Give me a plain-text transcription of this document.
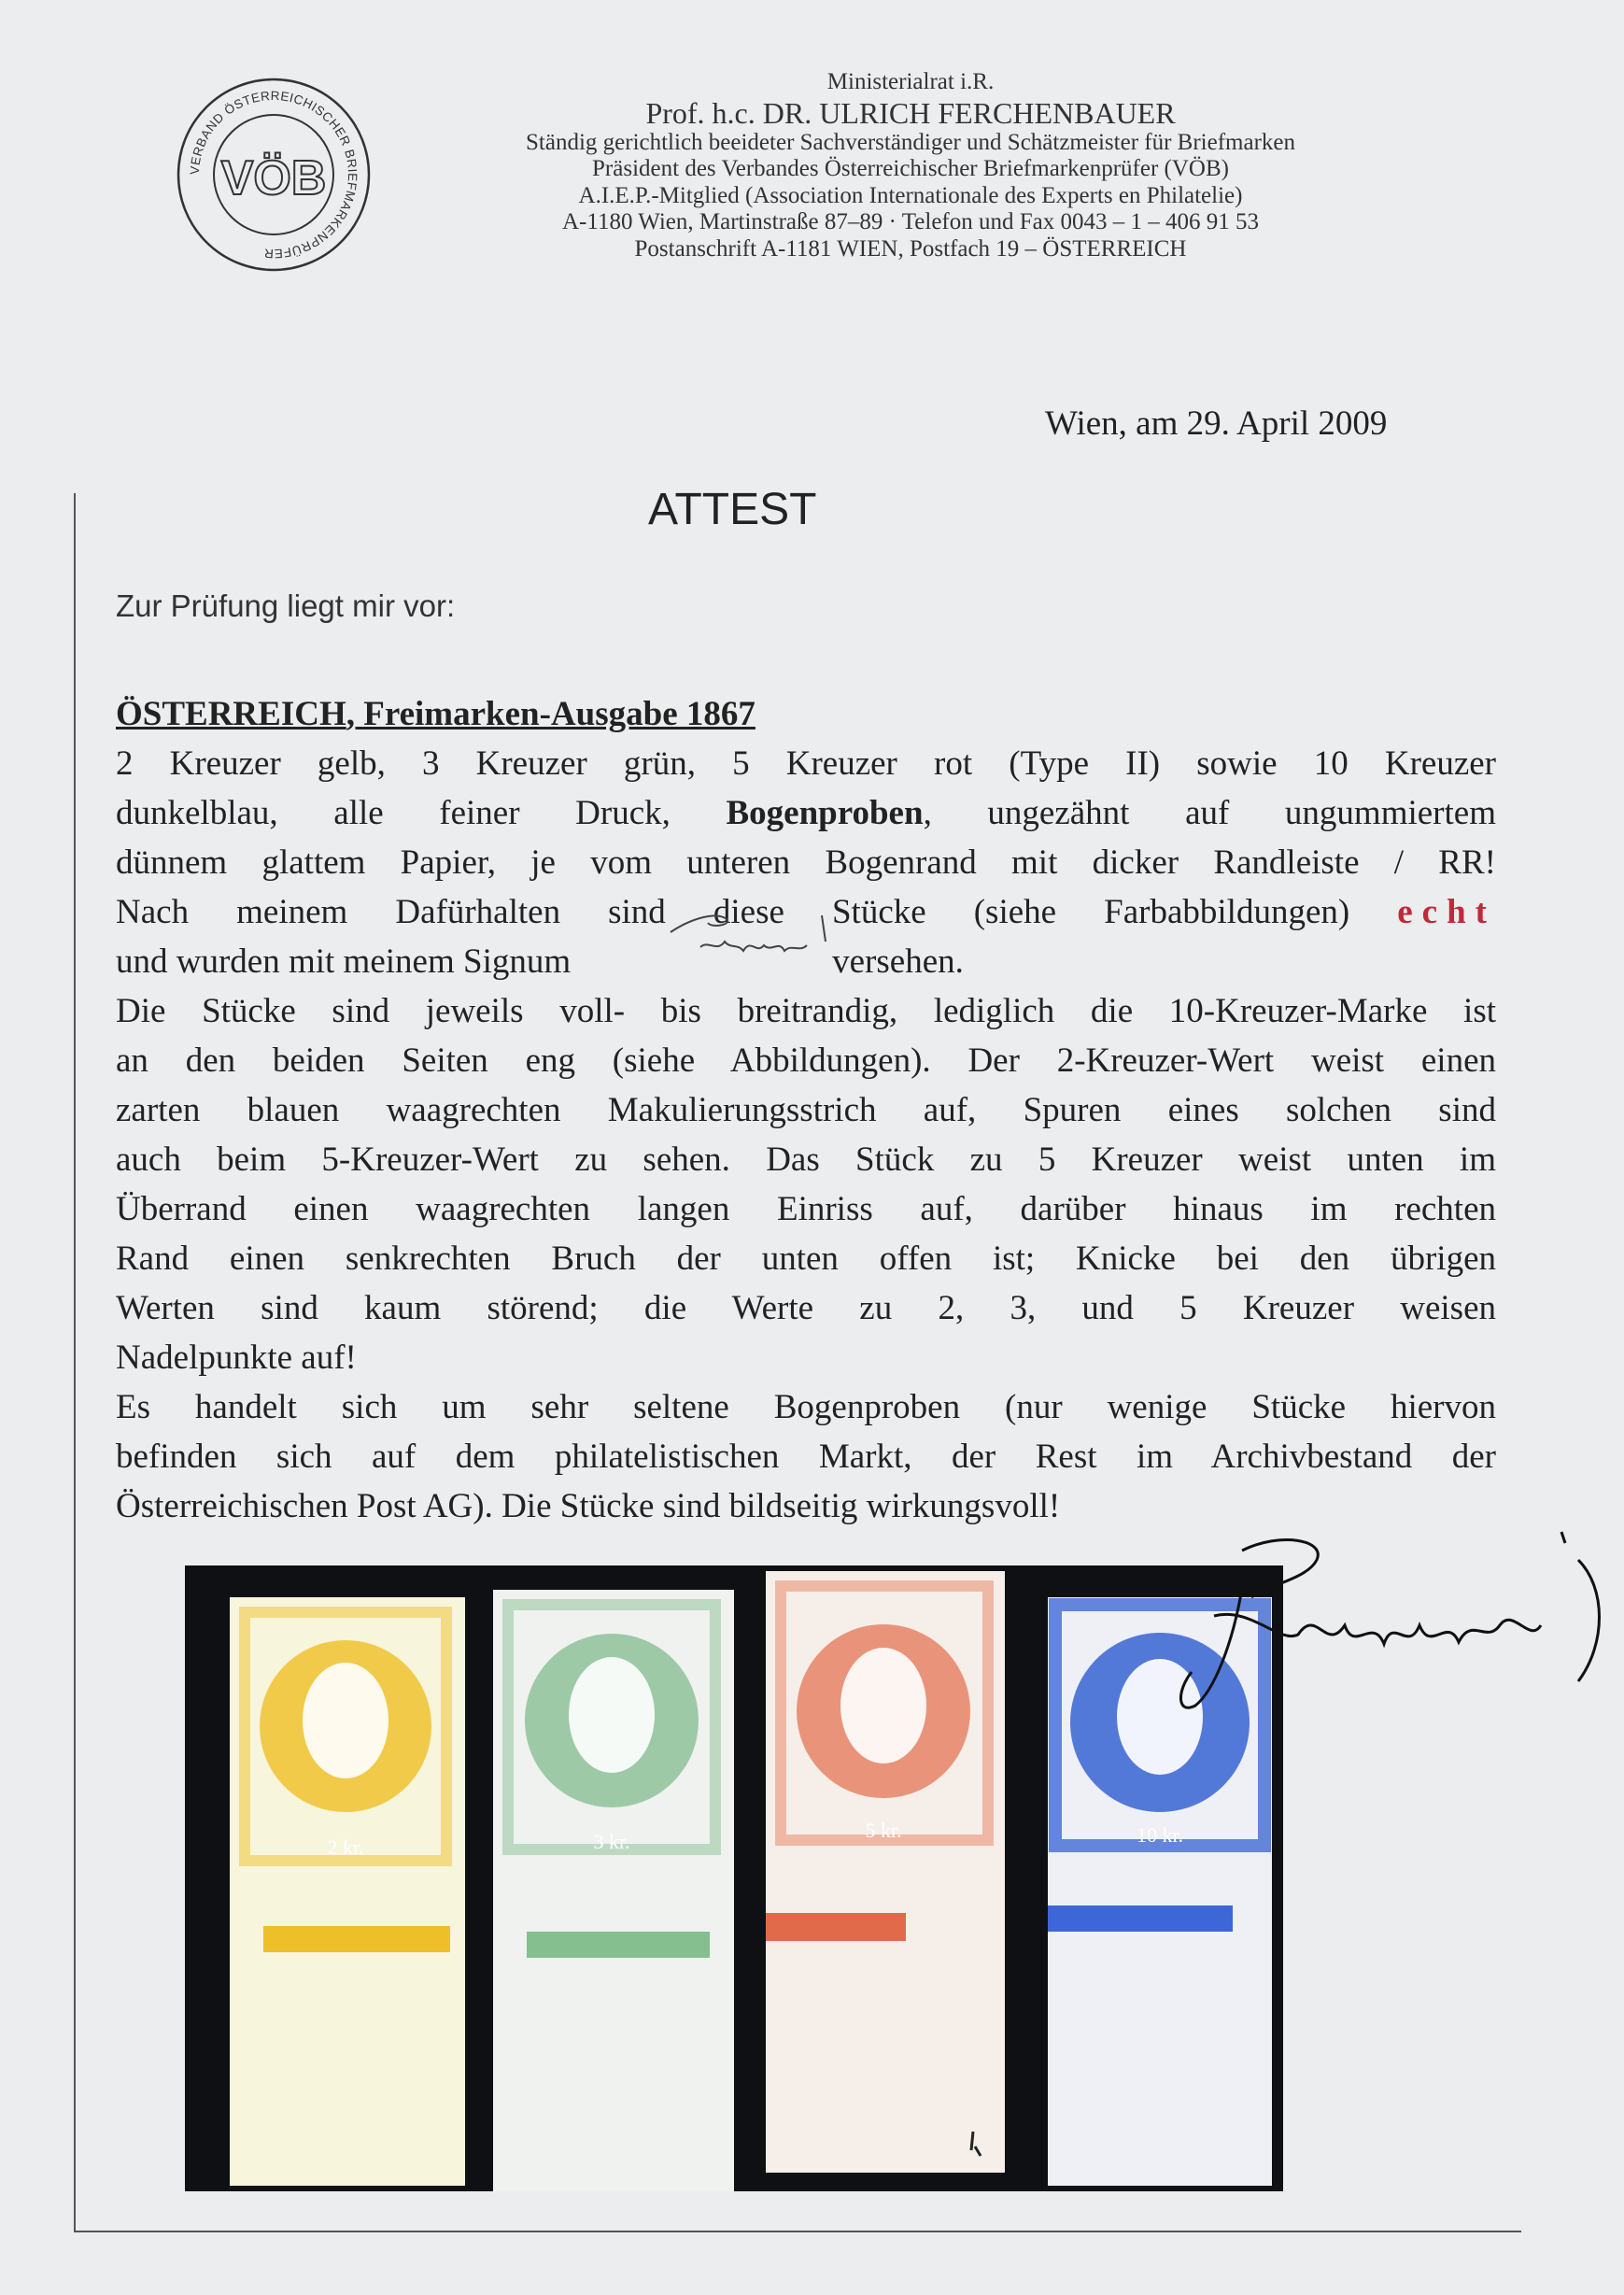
VERBAND ÖSTERREICHISCHER BRIEFMARKENPRÜFER
VÖB
Ministerialrat i.R.
Prof. h.c. DR. ULRICH FERCHENBAUER
Ständig gerichtlich beeideter Sachverständiger und Schätzmeister für Briefmarken
Präsident des Verbandes Österreichischer Briefmarkenprüfer (VÖB)
A.I.E.P.-Mitglied (Association Internationale des Experts en Philatelie)
A-1180 Wien, Martinstraße 87–89 · Telefon und Fax 0043 – 1 – 406 91 53
Postanschrift A-1181 WIEN, Postfach 19 – ÖSTERREICH
Wien, am 29. April 2009
ATTEST
Zur Prüfung liegt mir vor:
ÖSTERREICH, Freimarken-Ausgabe 1867
2 Kreuzer gelb, 3 Kreuzer grün, 5 Kreuzer rot (Type II) sowie 10 Kreuzer
dunkelblau, alle feiner Druck, Bogenproben, ungezähnt auf ungummiertem
dünnem glattem Papier, je vom unteren Bogenrand mit dicker Randleiste / RR!
Nach meinem Dafürhalten sind diese Stücke (siehe Farbabbildungen) echt
und wurden mit meinem Signum	versehen.
Die Stücke sind jeweils voll- bis breitrandig, lediglich die 10-Kreuzer-Marke ist
an den beiden Seiten eng (siehe Abbildungen). Der 2-Kreuzer-Wert weist einen
zarten blauen waagrechten Makulierungsstrich auf, Spuren eines solchen sind
auch beim 5-Kreuzer-Wert zu sehen. Das Stück zu 5 Kreuzer weist unten im
Überrand einen waagrechten langen Einriss auf, darüber hinaus im rechten
Rand einen senkrechten Bruch der unten offen ist; Knicke bei den übrigen
Werten sind kaum störend; die Werte zu 2, 3, und 5 Kreuzer weisen
Nadelpunkte auf!
Es handelt sich um sehr seltene Bogenproben (nur wenige Stücke hiervon
befinden sich auf dem philatelistischen Markt, der Rest im Archivbestand der
Österreichischen Post AG). Die Stücke sind bildseitig wirkungsvoll!
2 kr.	3 kr.	5 kr.	10 kr.
